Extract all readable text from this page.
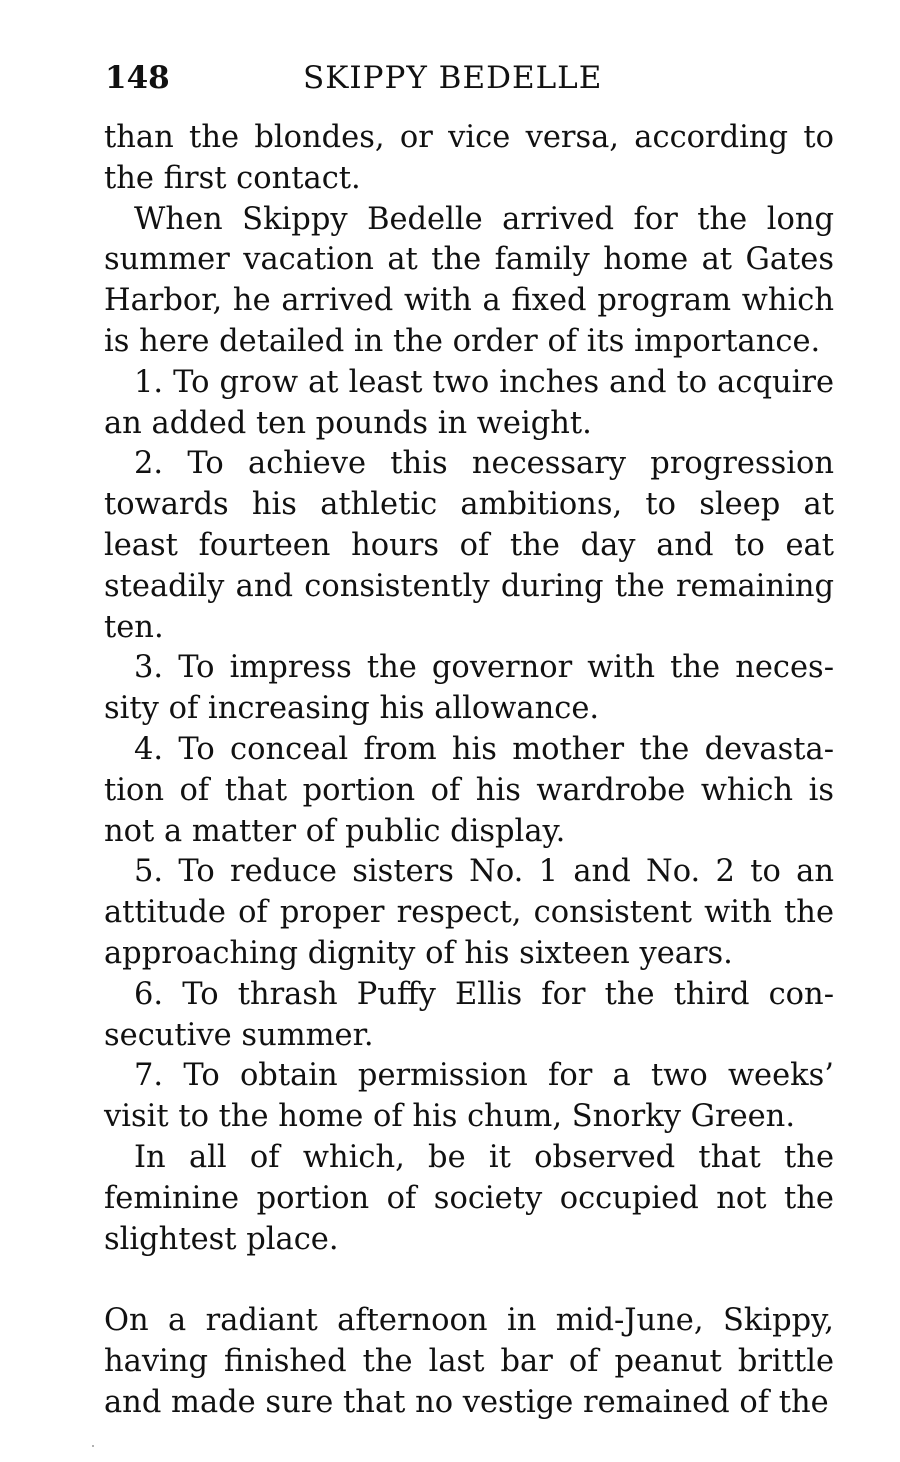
148	SKIPPY BEDELLE

than the blondes, or vice versa, according to the first contact.

When Skippy Bedelle arrived for the long summer vacation at the family home at Gates Harbor, he arrived with a fixed program which is here detailed in the order of its importance.

1. To grow at least two inches and to acquire an added ten pounds in weight.

2. To achieve this necessary progression towards his athletic ambitions, to sleep at least fourteen hours of the day and to eat steadily and consistently during the remaining ten.

3. To impress the governor with the necessity of increasing his allowance.

4. To conceal from his mother the devastation of that portion of his wardrobe which is not a matter of public display.

5. To reduce sisters No. 1 and No. 2 to an attitude of proper respect, consistent with the approaching dignity of his sixteen years.

6. To thrash Puffy Ellis for the third consecutive summer.

7. To obtain permission for a two weeks’ visit to the home of his chum, Snorky Green.

In all of which, be it observed that the feminine portion of society occupied not the slightest place.

On a radiant afternoon in mid-June, Skippy, having finished the last bar of peanut brittle and made sure that no vestige remained of the
